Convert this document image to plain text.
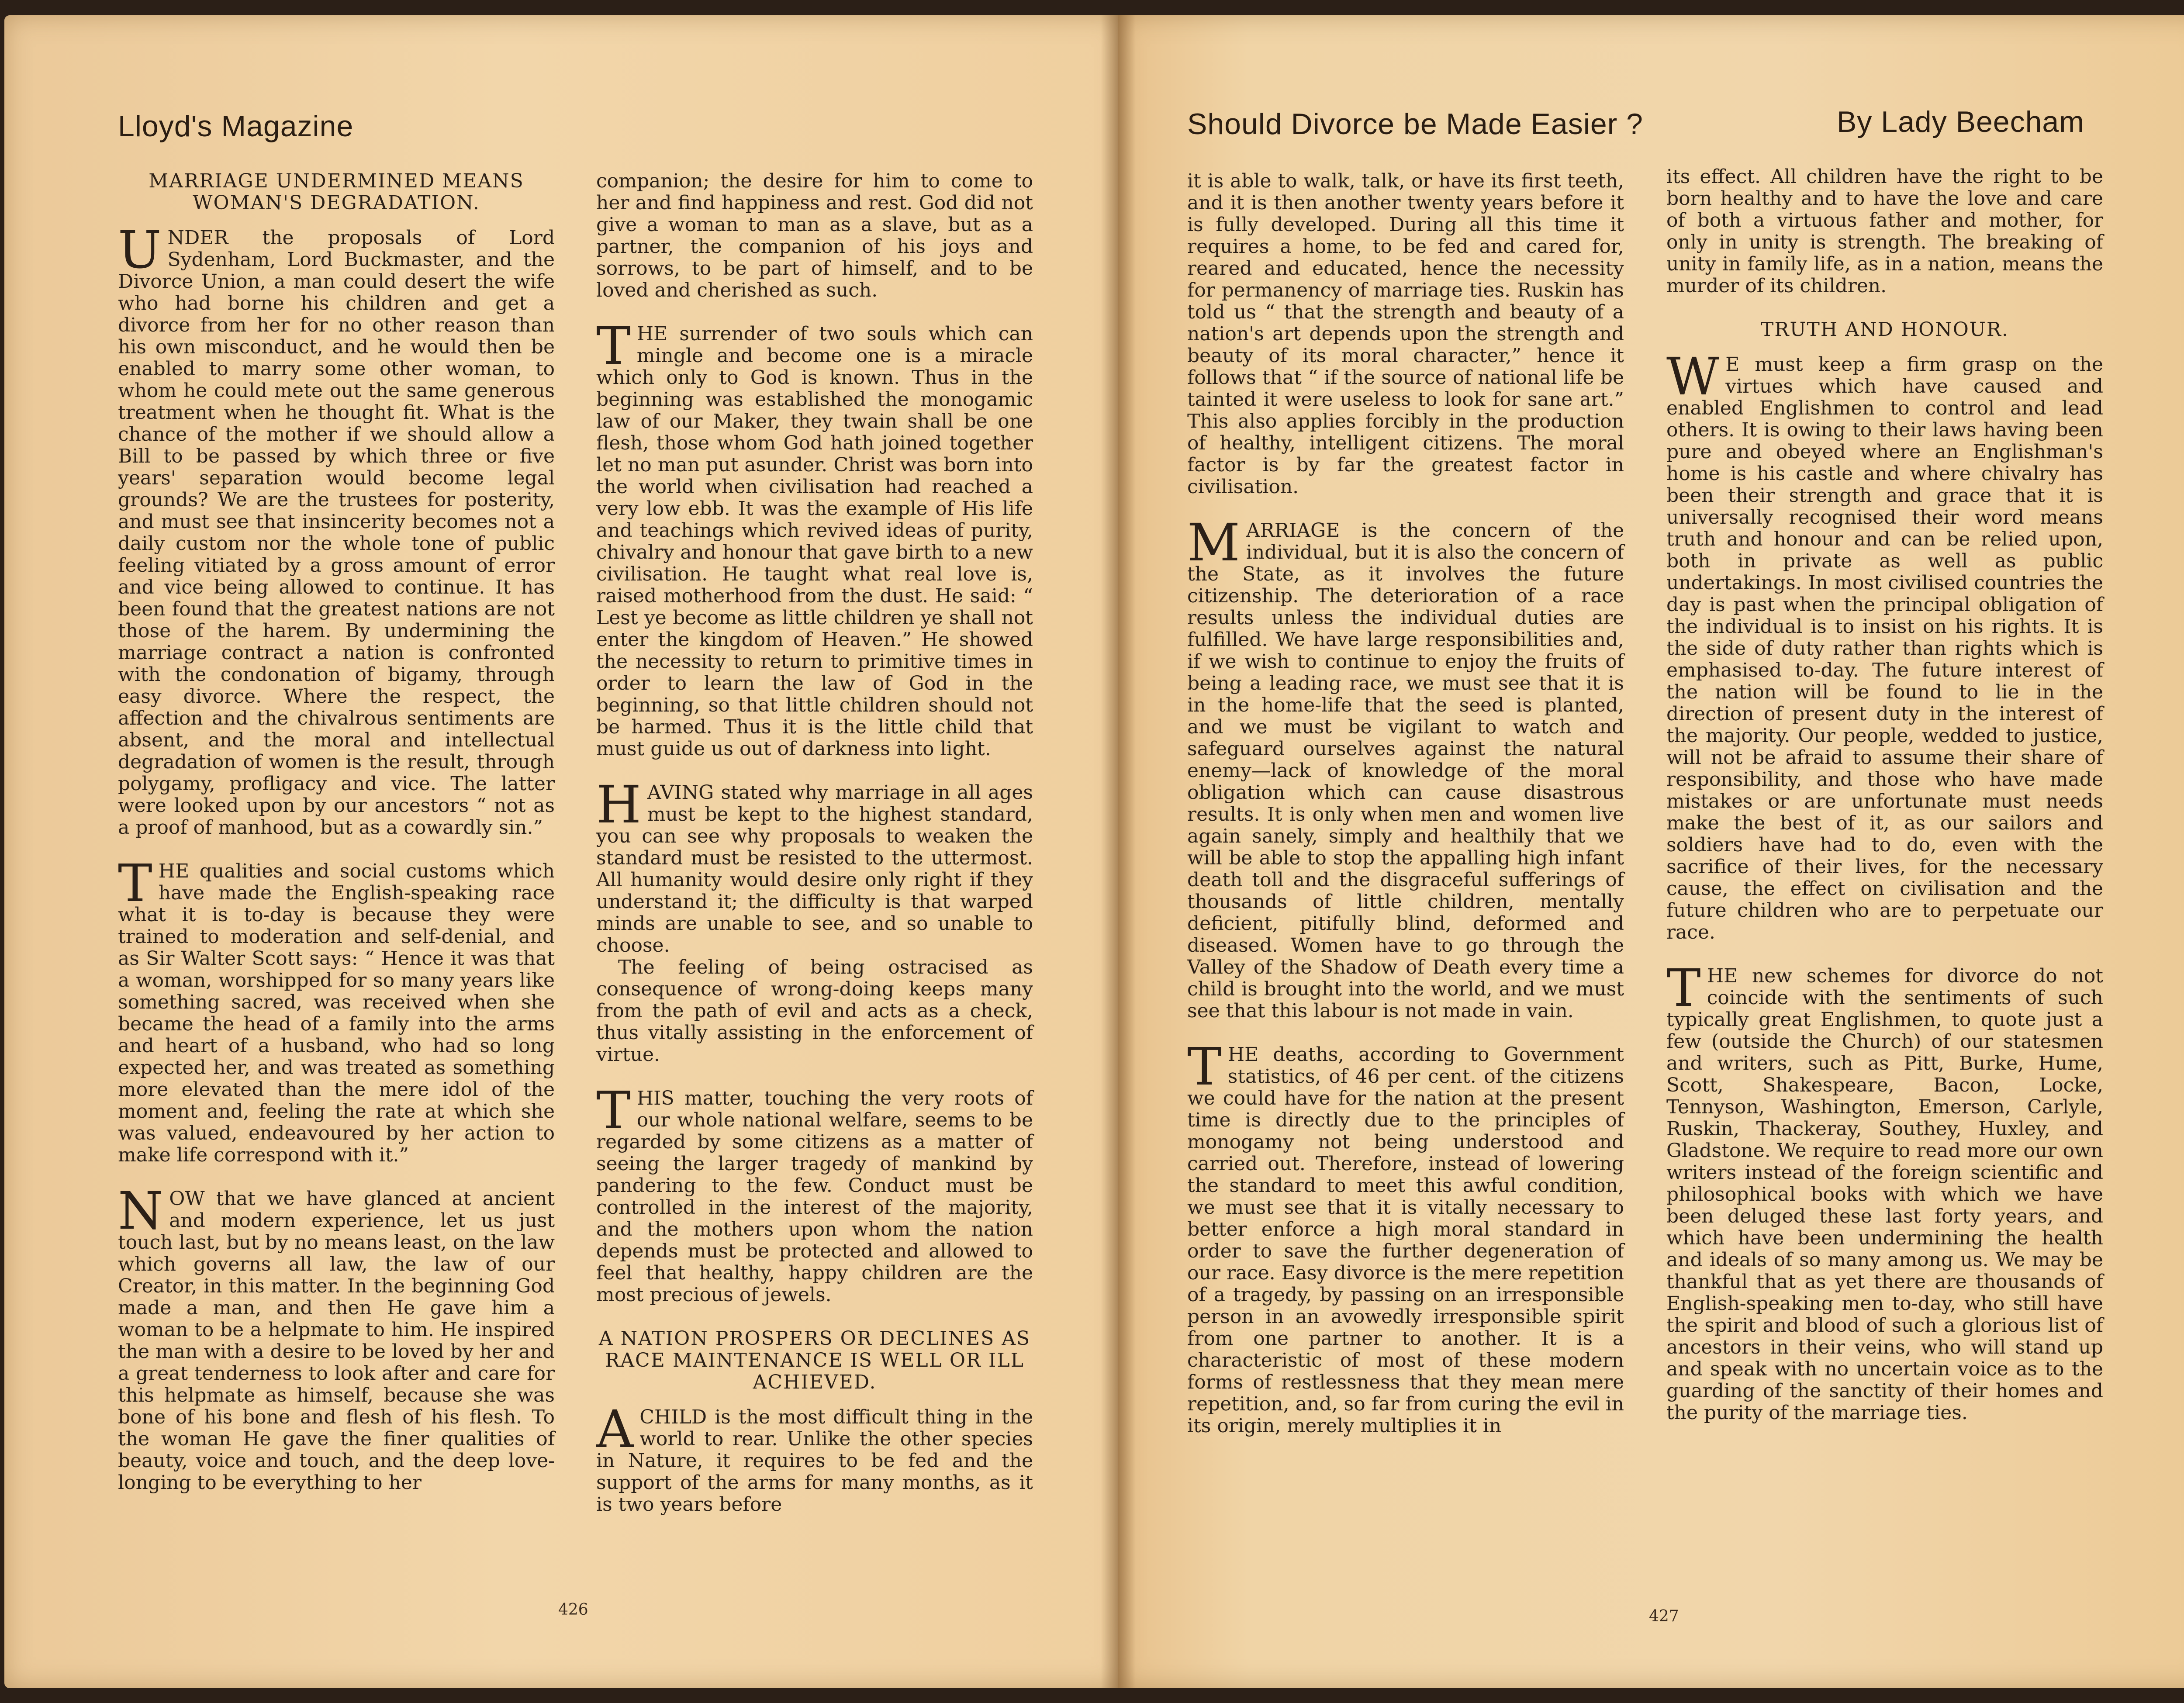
Lloyd's Magazine
MARRIAGE UNDERMINED MEANS WOMAN'S DEGRADATION.

UNDER the proposals of Lord Sydenham, Lord Buckmaster, and the Divorce Union, a man could desert the wife who had borne his children and get a divorce from her for no other reason than his own misconduct, and he would then be enabled to marry some other woman, to whom he could mete out the same generous treatment when he thought fit. What is the chance of the mother if we should allow a Bill to be passed by which three or five years' separation would become legal grounds? We are the trustees for posterity, and must see that insincerity becomes not a daily custom nor the whole tone of public feeling vitiated by a gross amount of error and vice being allowed to continue. It has been found that the greatest nations are not those of the harem. By undermining the marriage contract a nation is confronted with the condonation of bigamy, through easy divorce. Where the respect, the affection and the chivalrous sentiments are absent, and the moral and intellectual degradation of women is the result, through polygamy, profligacy and vice. The latter were looked upon by our ancestors “ not as a proof of manhood, but as a cowardly sin.”

THE qualities and social customs which have made the English-speaking race what it is to-day is because they were trained to moderation and self-denial, and as Sir Walter Scott says: “ Hence it was that a woman, worshipped for so many years like something sacred, was received when she became the head of a family into the arms and heart of a husband, who had so long expected her, and was treated as something more elevated than the mere idol of the moment and, feeling the rate at which she was valued, endeavoured by her action to make life correspond with it.”

NOW that we have glanced at ancient and modern experience, let us just touch last, but by no means least, on the law which governs all law, the law of our Creator, in this matter. In the beginning God made a man, and then He gave him a woman to be a helpmate to him. He inspired the man with a desire to be loved by her and a great tenderness to look after and care for this helpmate as himself, because she was bone of his bone and flesh of his flesh. To the woman He gave the finer qualities of beauty, voice and touch, and the deep love-longing to be everything to her

companion; the desire for him to come to her and find happiness and rest. God did not give a woman to man as a slave, but as a partner, the companion of his joys and sorrows, to be part of himself, and to be loved and cherished as such.

THE surrender of two souls which can mingle and become one is a miracle which only to God is known. Thus in the beginning was established the monogamic law of our Maker, they twain shall be one flesh, those whom God hath joined together let no man put asunder. Christ was born into the world when civilisation had reached a very low ebb. It was the example of His life and teachings which revived ideas of purity, chivalry and honour that gave birth to a new civilisation. He taught what real love is, raised motherhood from the dust. He said: “ Lest ye become as little children ye shall not enter the kingdom of Heaven.” He showed the necessity to return to primitive times in order to learn the law of God in the beginning, so that little children should not be harmed. Thus it is the little child that must guide us out of darkness into light.

HAVING stated why marriage in all ages must be kept to the highest standard, you can see why proposals to weaken the standard must be resisted to the uttermost. All humanity would desire only right if they understand it; the difficulty is that warped minds are unable to see, and so unable to choose.

The feeling of being ostracised as consequence of wrong-doing keeps many from the path of evil and acts as a check, thus vitally assisting in the enforcement of virtue.

THIS matter, touching the very roots of our whole national welfare, seems to be regarded by some citizens as a matter of seeing the larger tragedy of mankind by pandering to the few. Conduct must be controlled in the interest of the majority, and the mothers upon whom the nation depends must be protected and allowed to feel that healthy, happy children are the most precious of jewels.

A NATION PROSPERS OR DECLINES AS RACE MAINTENANCE IS WELL OR ILL ACHIEVED.

A CHILD is the most difficult thing in the world to rear. Unlike the other species in Nature, it requires to be fed and the support of the arms for many months, as it is two years before

426
Should Divorce be Made Easier ?	By Lady Beecham

it is able to walk, talk, or have its first teeth, and it is then another twenty years before it is fully developed. During all this time it requires a home, to be fed and cared for, reared and educated, hence the necessity for permanency of marriage ties. Ruskin has told us “ that the strength and beauty of a nation's art depends upon the strength and beauty of its moral character,” hence it follows that “ if the source of national life be tainted it were useless to look for sane art.” This also applies forcibly in the production of healthy, intelligent citizens. The moral factor is by far the greatest factor in civilisation.

MARRIAGE is the concern of the individual, but it is also the concern of the State, as it involves the future citizenship. The deterioration of a race results unless the individual duties are fulfilled. We have large responsibilities and, if we wish to continue to enjoy the fruits of being a leading race, we must see that it is in the home-life that the seed is planted, and we must be vigilant to watch and safeguard ourselves against the natural enemy—lack of knowledge of the moral obligation which can cause disastrous results. It is only when men and women live again sanely, simply and healthily that we will be able to stop the appalling high infant death toll and the disgraceful sufferings of thousands of little children, mentally deficient, pitifully blind, deformed and diseased. Women have to go through the Valley of the Shadow of Death every time a child is brought into the world, and we must see that this labour is not made in vain.

THE deaths, according to Government statistics, of 46 per cent. of the citizens we could have for the nation at the present time is directly due to the principles of monogamy not being understood and carried out. Therefore, instead of lowering the standard to meet this awful condition, we must see that it is vitally necessary to better enforce a high moral standard in order to save the further degeneration of our race. Easy divorce is the mere repetition of a tragedy, by passing on an irresponsible person in an avowedly irresponsible spirit from one partner to another. It is a characteristic of most of these modern forms of restlessness that they mean mere repetition, and, so far from curing the evil in its origin, merely multiplies it in

its effect. All children have the right to be born healthy and to have the love and care of both a virtuous father and mother, for only in unity is strength. The breaking of unity in family life, as in a nation, means the murder of its children.

TRUTH AND HONOUR.

W E must keep a firm grasp on the virtues which have caused and enabled Englishmen to control and lead others. It is owing to their laws having been pure and obeyed where an Englishman's home is his castle and where chivalry has been their strength and grace that it is universally recognised their word means truth and honour and can be relied upon, both in private as well as public undertakings. In most civilised countries the day is past when the principal obligation of the individual is to insist on his rights. It is the side of duty rather than rights which is emphasised to-day. The future interest of the nation will be found to lie in the direction of present duty in the interest of the majority. Our people, wedded to justice, will not be afraid to assume their share of responsibility, and those who have made mistakes or are unfortunate must needs make the best of it, as our sailors and soldiers have had to do, even with the sacrifice of their lives, for the necessary cause, the effect on civilisation and the future children who are to perpetuate our race.

THE new schemes for divorce do not coincide with the sentiments of such typically great Englishmen, to quote just a few (outside the Church) of our statesmen and writers, such as Pitt, Burke, Hume, Scott, Shakespeare, Bacon, Locke, Tennyson, Washington, Emerson, Carlyle, Ruskin, Thackeray, Southey, Huxley, and Gladstone. We require to read more our own writers instead of the foreign scientific and philosophical books with which we have been deluged these last forty years, and which have been undermining the health and ideals of so many among us. We may be thankful that as yet there are thousands of English-speaking men to-day, who still have the spirit and blood of such a glorious list of ancestors in their veins, who will stand up and speak with no uncertain voice as to the guarding of the sanctity of their homes and the purity of the marriage ties.

427
